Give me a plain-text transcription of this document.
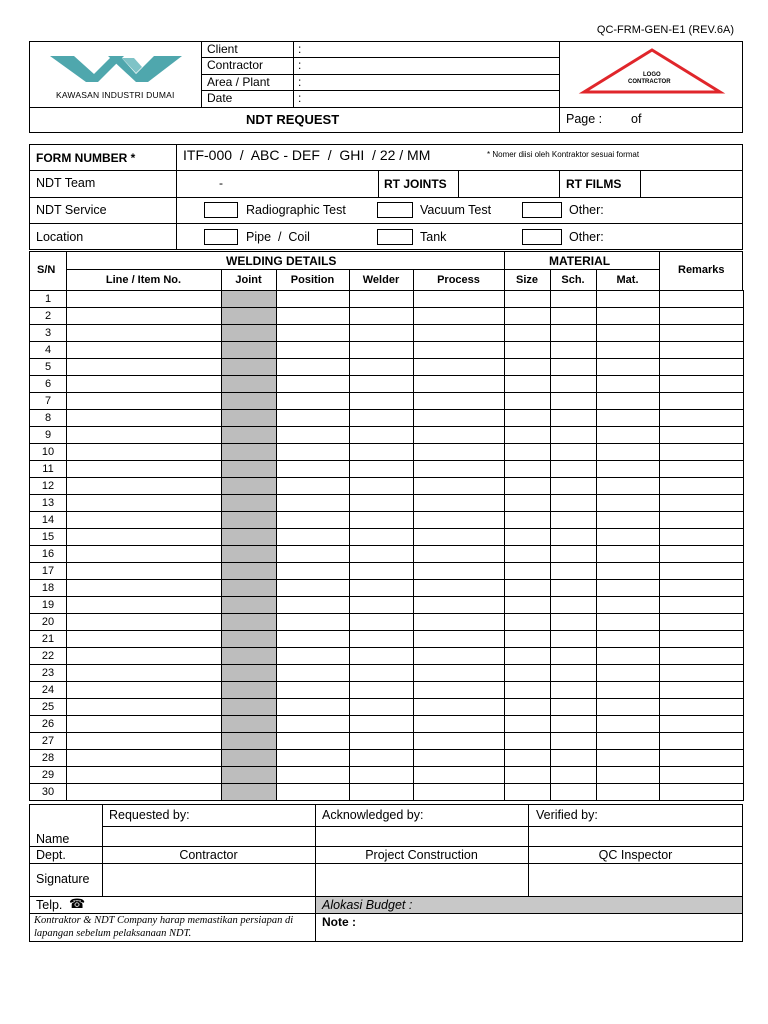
QC-FRM-GEN-E1 (REV.6A)
KAWASAN INDUSTRI DUMAI
Client	:
Contractor	:
Area / Plant :
Date	:
LOGO
CONTRACTOR
NDT REQUEST	Page : of
FORM NUMBER *	ITF-000  /  ABC - DEF  /  GHI  / 22 / MM	* Nomer diisi oleh Kontraktor sesuai format
NDT Team	-	RT JOINTS	RT FILMS
NDT Service	Radiographic Test	Vacuum Test	Other:
Location	Pipe  /  Coil	Tank	Other:
S/N
WELDING DETAILS	MATERIAL
Remarks
Line / Item No.	Joint	Position	Welder	Process	Size	Sch.	Mat.
1									
2									
3									
4									
5									
6									
7									
8									
9									
10									
11									
12									
13									
14									
15									
16									
17									
18									
19									
20									
21									
22									
23									
24									
25									
26									
27									
28									
29									
30									
Requested by:	Acknowledged by:	Verified by:
Name
Dept.	Contractor	Project Construction	QC Inspector
Signature
Telp. ☎	Alokasi Budget :
Kontraktor & NDT Company harap memastikan persiapan di lapangan sebelum pelaksanaan NDT.
Note :
